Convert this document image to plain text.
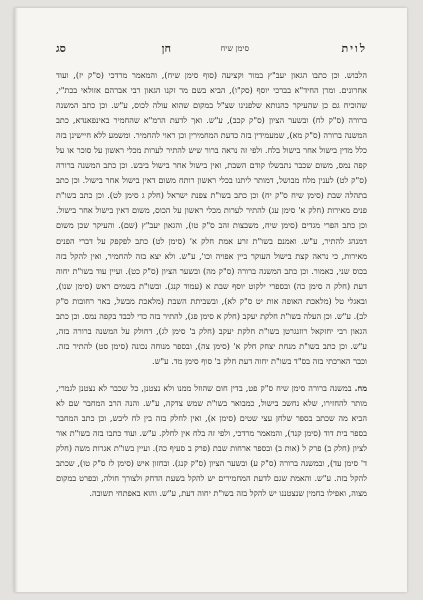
לוית
סימן שיח
חן
סג

הלבוש. וכן כתבו הגאון יעב"ץ במור וקציעה (סוף סימן שיח), והמאמר מרדכי (ס"ק יז), ועוד אחרונים. ומרן החיד"א בברכי יוסף (סק"ו), הביא בשם מר זקנו הגאון רבי אברהם אזולאי בכת"י, שהוכיח גם כן שהעיקר כהנותא שלפנינו שצ"ל במקום שהוא עולה לכוס, ע"ש. וכן כתב המשנה ברורה (ס"ק לח) ובשער הציון (ס"ק קכב), ע"ש. ואך לדעת הרמ"א שהחמיר באינפאנדא, כתב המשנה ברורה (ס"ק מא), שמעמידין בזה כדעת המחמירין וכן ראוי להחמיר. ומשמע ללא חיישינן בזה כלל מדין בישול אחר בישול בלח. ולפי זה נראה ברור שיש להתיר לערות מכלי ראשון על סוכר או על קפה נמס, משום שכבר נתבשלו קודם השבת, ואין בישול אחר בישול ביבש. וכן כתב המשנה ברורה (ס"ק לט) לענין מלח מבושל, דמותר ליתנו בכלי ראשון רותח משום דאין בישול אחר בישול. וכן כתב בתהלה שבת (סימן שיח ס"ק יח) וכן כתב בשו"ת צפנת ישראל (חלק ג סימן לט). וכן כתב בשו"ת פנים מאירות (חלק א' סימן עג) להתיר לערות מכלי ראשון על הכוס, משום דאין בישול אחר בישול. וכן כתב הפרי מגדים (סימן שיח, משבצות זהב ס"ק טו), והגאון יעב"ץ (שם). והעיקר שכן משום דמנהג להתיר, ע"ש. ואמנם בשו"ת זרע אמת חלק א' (סימן לט) כתב לפקפק על דברי הפנים מאירות, כי נראה קצת בישול העוקר ביין אפויה וכו', ע"ש. ולא יצא בזה להחמיר, ואין להקל בזה בכוס שני, כאמור. וכן כתב המשנה ברורה (ס"ק מה) ובשער הציון (ס"ק כט). ועיין עוד בשו"ת יחוה דעת (חלק ה סימן כה) ובספרי ילקוט יוסף שבת א (עמוד קנג). ובשו"ת בשמים ראש (סימן שנו), ובאגלי טל (מלאכת האופה אות יט ס"ק לא), ובשביתת השבת (מלאכת מבשל, באר רחובות ס"ק לב). ע"ש. וכן העלה בשו"ת חלקת יעקב (חלק א סימן פג), להתיר בזה כדי לכבד בקפה נמס. וכן כתב הגאון רבי יחזקאל רוזנגרטן בשו"ת חלקת יעקב (חלק ב' סימן לג), דחולק על המשנה ברורה בזה, ע"ש. וכן כתב בשו"ת מנחת יצחק חלק א' (סימן צה), ובספר מנוחה נכונה (סימן סט) להתיר בזה. וכבר הארכתי בזה בס"ד בשו"ת יחוה דעת חלק ב' סוף סימן מד. ע"ש.

מח. במשנה ברורה סימן שיח ס"ק פט, בדין חום שהוזל ממנו ולא נצטנן, כל שכבר לא נצטנן לגמרי, מותר להחזירו, שלא נחשב בישול, כמבואר בשו"ת שמש צדקה, ע"ש. והנה הרב המחבר שם לא הביא מה שכתב בספר שלחן עצי שטים (סימן א), ואין לחלק בזה בין לח ליבש, וכן כתב המחבר בספר בית דוד (סימן קנד), והמאמר מרדכי, ולפי זה בלח אין לחלק. ע"ש. ועוד כתבו בזה בשו"ת אור לציון (חלק ב) פרק ל (אות ב) ובספר ארחות שבת (פרק ב סעיף כה). ועיין בשו"ת אגרות משה (חלק ד' סימן עד), ובמשנה ברורה (ס"ק ע) ובשער הציון (ס"ק קנג). ובחזון איש (סימן לז ס"ק טו), שכתב להקל בזה. ע"ש. והאמת שגם לדעת המחמירים יש להקל בשעת הדחק ולצורך חולה, ובפרט במקום מצוה, ואפילו בחמין שנצטננו יש להקל בזה בשו"ת יחוה דעת, ע"ש. והוא באפתחי תשובה.
